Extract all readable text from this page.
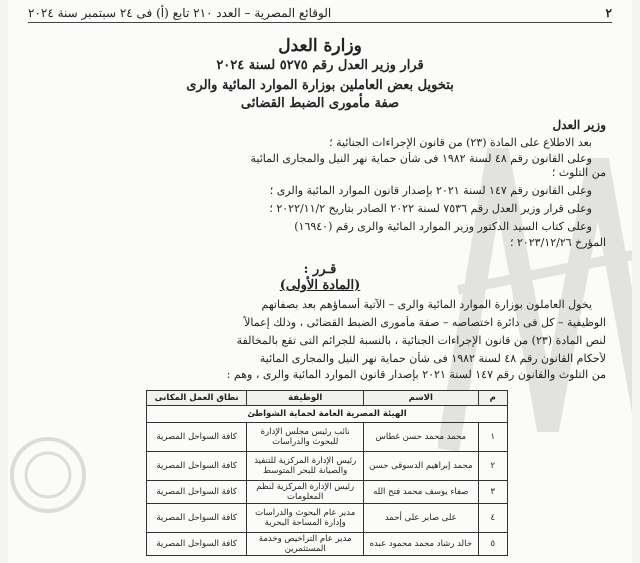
٢
الوقائع المصرية – العدد ٢١٠ تابع (أ) فى ٢٤ سبتمبر سنة ٢٠٢٤
وزارة العدل
قرار وزير العدل رقم ٥٢٧٥ لسنة ٢٠٢٤
بتخويل بعض العاملين بوزارة الموارد المائية والرى
صفة مأمورى الضبط القضائى
وزير العدل
بعد الاطلاع على المادة (٢٣) من قانون الإجراءات الجنائية ؛
وعلى القانون رقم ٤٨ لسنة ١٩٨٢ فى شأن حماية نهر النيل والمجارى المائية
من التلوث ؛
وعلى القانون رقم ١٤٧ لسنة ٢٠٢١ بإصدار قانون الموارد المائية والرى ؛
وعلى قرار وزير العدل رقم ٧٥٣٦ لسنة ٢٠٢٢ الصادر بتاريخ ٢٠٢٢/١١/٢ ؛
وعلى كتاب السيد الدكتور وزير الموارد المائية والرى رقم (١٦٩٤٠)
المؤرخ ٢٠٢٣/١٢/٢٦ ؛
قـرر :
(المادة الأولى)
يخول العاملون بوزارة الموارد المائية والرى – الآتية أسماؤهم بعد بصفاتهم
الوظيفية – كل فى دائرة اختصاصه – صفة مأمورى الضبط القضائى ، وذلك إعمالاً
لنص المادة (٢٣) من قانون الإجراءات الجنائية ، بالنسبة للجرائم التى تقع بالمخالفة
لأحكام القانون رقم ٤٨ لسنة ١٩٨٢ فى شأن حماية نهر النيل والمجارى المائية
من التلوث والقانون رقم ١٤٧ لسنة ٢٠٢١ بإصدار قانون الموارد المائية والرى ، وهم :
م	الاسم	الوظيفة	نطاق العمل المكانى
الهيئة المصرية العامة لحماية الشواطئ			
١	محمد محمد حسن غطاس	نائب رئيس مجلس الإدارة للبحوث والدراسات	كافة السواحل المصرية
٢	محمد إبراهيم الدسوقى حسن	رئيس الإدارة المركزية للتنفيذ والصيانة للبحر المتوسط	كافة السواحل المصرية
٣	صفاء يوسف محمد فتح الله	رئيس الإدارة المركزية لنظم المعلومات	كافة السواحل المصرية
٤	على صابر على أحمد	مدير عام البحوث والدراسات وإدارة المساحة البحرية	كافة السواحل المصرية
٥	خالد رشاد محمد محمود عبده	مدير عام التراخيص وخدمة المستثمرين	كافة السواحل المصرية
